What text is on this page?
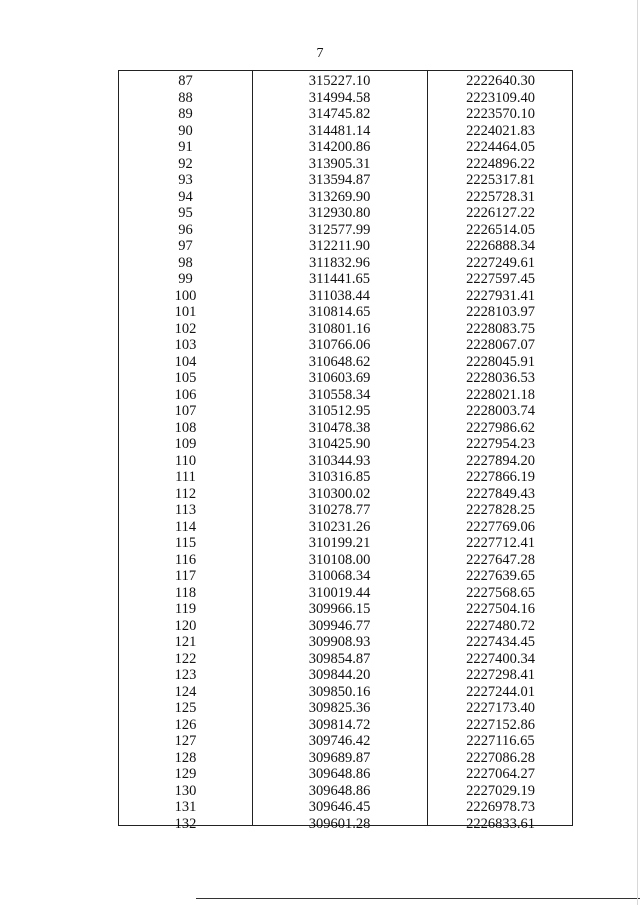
7
87	315227.10	2222640.30
88	314994.58	2223109.40
89	314745.82	2223570.10
90	314481.14	2224021.83
91	314200.86	2224464.05
92	313905.31	2224896.22
93	313594.87	2225317.81
94	313269.90	2225728.31
95	312930.80	2226127.22
96	312577.99	2226514.05
97	312211.90	2226888.34
98	311832.96	2227249.61
99	311441.65	2227597.45
100	311038.44	2227931.41
101	310814.65	2228103.97
102	310801.16	2228083.75
103	310766.06	2228067.07
104	310648.62	2228045.91
105	310603.69	2228036.53
106	310558.34	2228021.18
107	310512.95	2228003.74
108	310478.38	2227986.62
109	310425.90	2227954.23
110	310344.93	2227894.20
111	310316.85	2227866.19
112	310300.02	2227849.43
113	310278.77	2227828.25
114	310231.26	2227769.06
115	310199.21	2227712.41
116	310108.00	2227647.28
117	310068.34	2227639.65
118	310019.44	2227568.65
119	309966.15	2227504.16
120	309946.77	2227480.72
121	309908.93	2227434.45
122	309854.87	2227400.34
123	309844.20	2227298.41
124	309850.16	2227244.01
125	309825.36	2227173.40
126	309814.72	2227152.86
127	309746.42	2227116.65
128	309689.87	2227086.28
129	309648.86	2227064.27
130	309648.86	2227029.19
131	309646.45	2226978.73
132	309601.28	2226833.61
